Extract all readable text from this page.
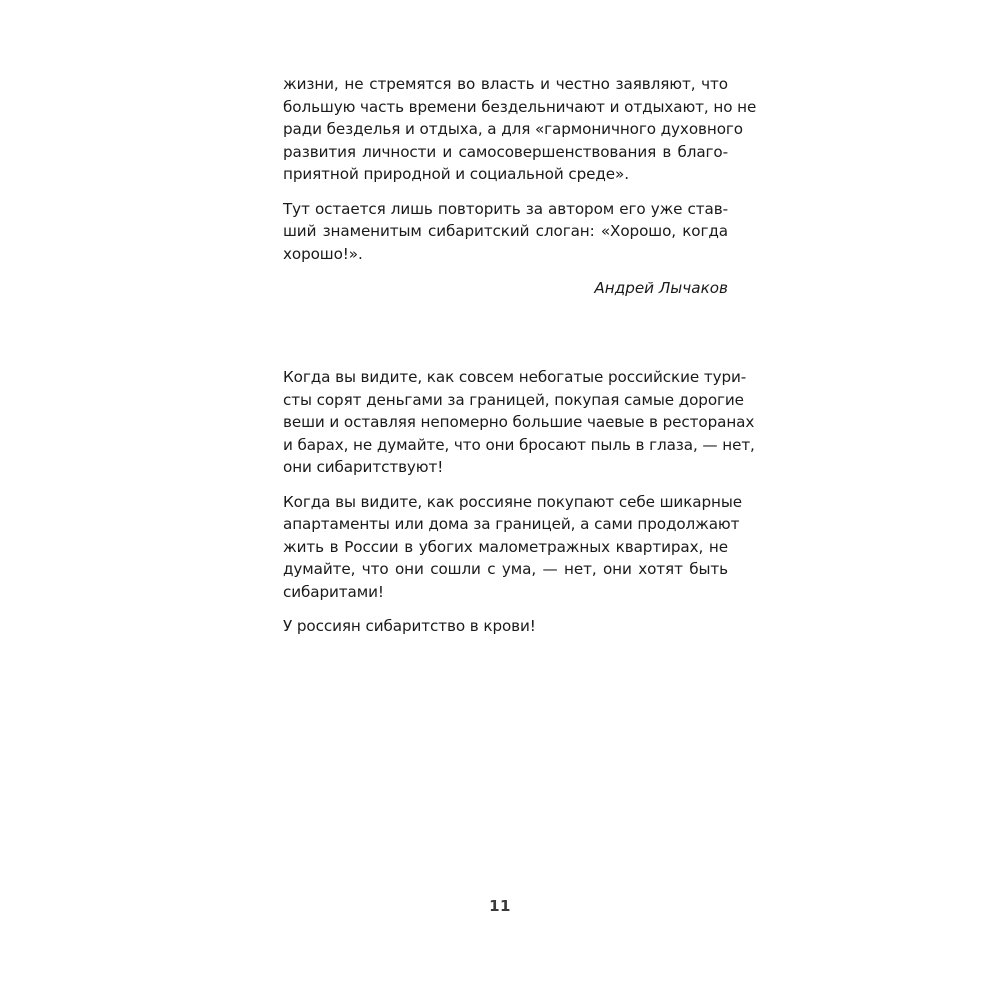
жизни, не стремятся во власть и честно заявляют, что
большую часть времени бездельничают и отдыхают, но не
ради безделья и отдыха, а для «гармоничного духовного
развития личности и самосовершенствования в благо-
приятной природной и социальной среде».

Тут остается лишь повторить за автором его уже став-
ший знаменитым сибаритский слоган: «Хорошо, когда
хорошо!».

Андрей Лычаков

Когда вы видите, как совсем небогатые российские тури-
сты сорят деньгами за границей, покупая самые дорогие
веши и оставляя непомерно большие чаевые в ресторанах
и барах, не думайте, что они бросают пыль в глаза, — нет,
они сибаритствуют!

Когда вы видите, как россияне покупают себе шикарные
апартаменты или дома за границей, а сами продолжают
жить в России в убогих малометражных квартирах, не
думайте, что они сошли с ума, — нет, они хотят быть
сибаритами!

У россиян сибаритство в крови!

11
